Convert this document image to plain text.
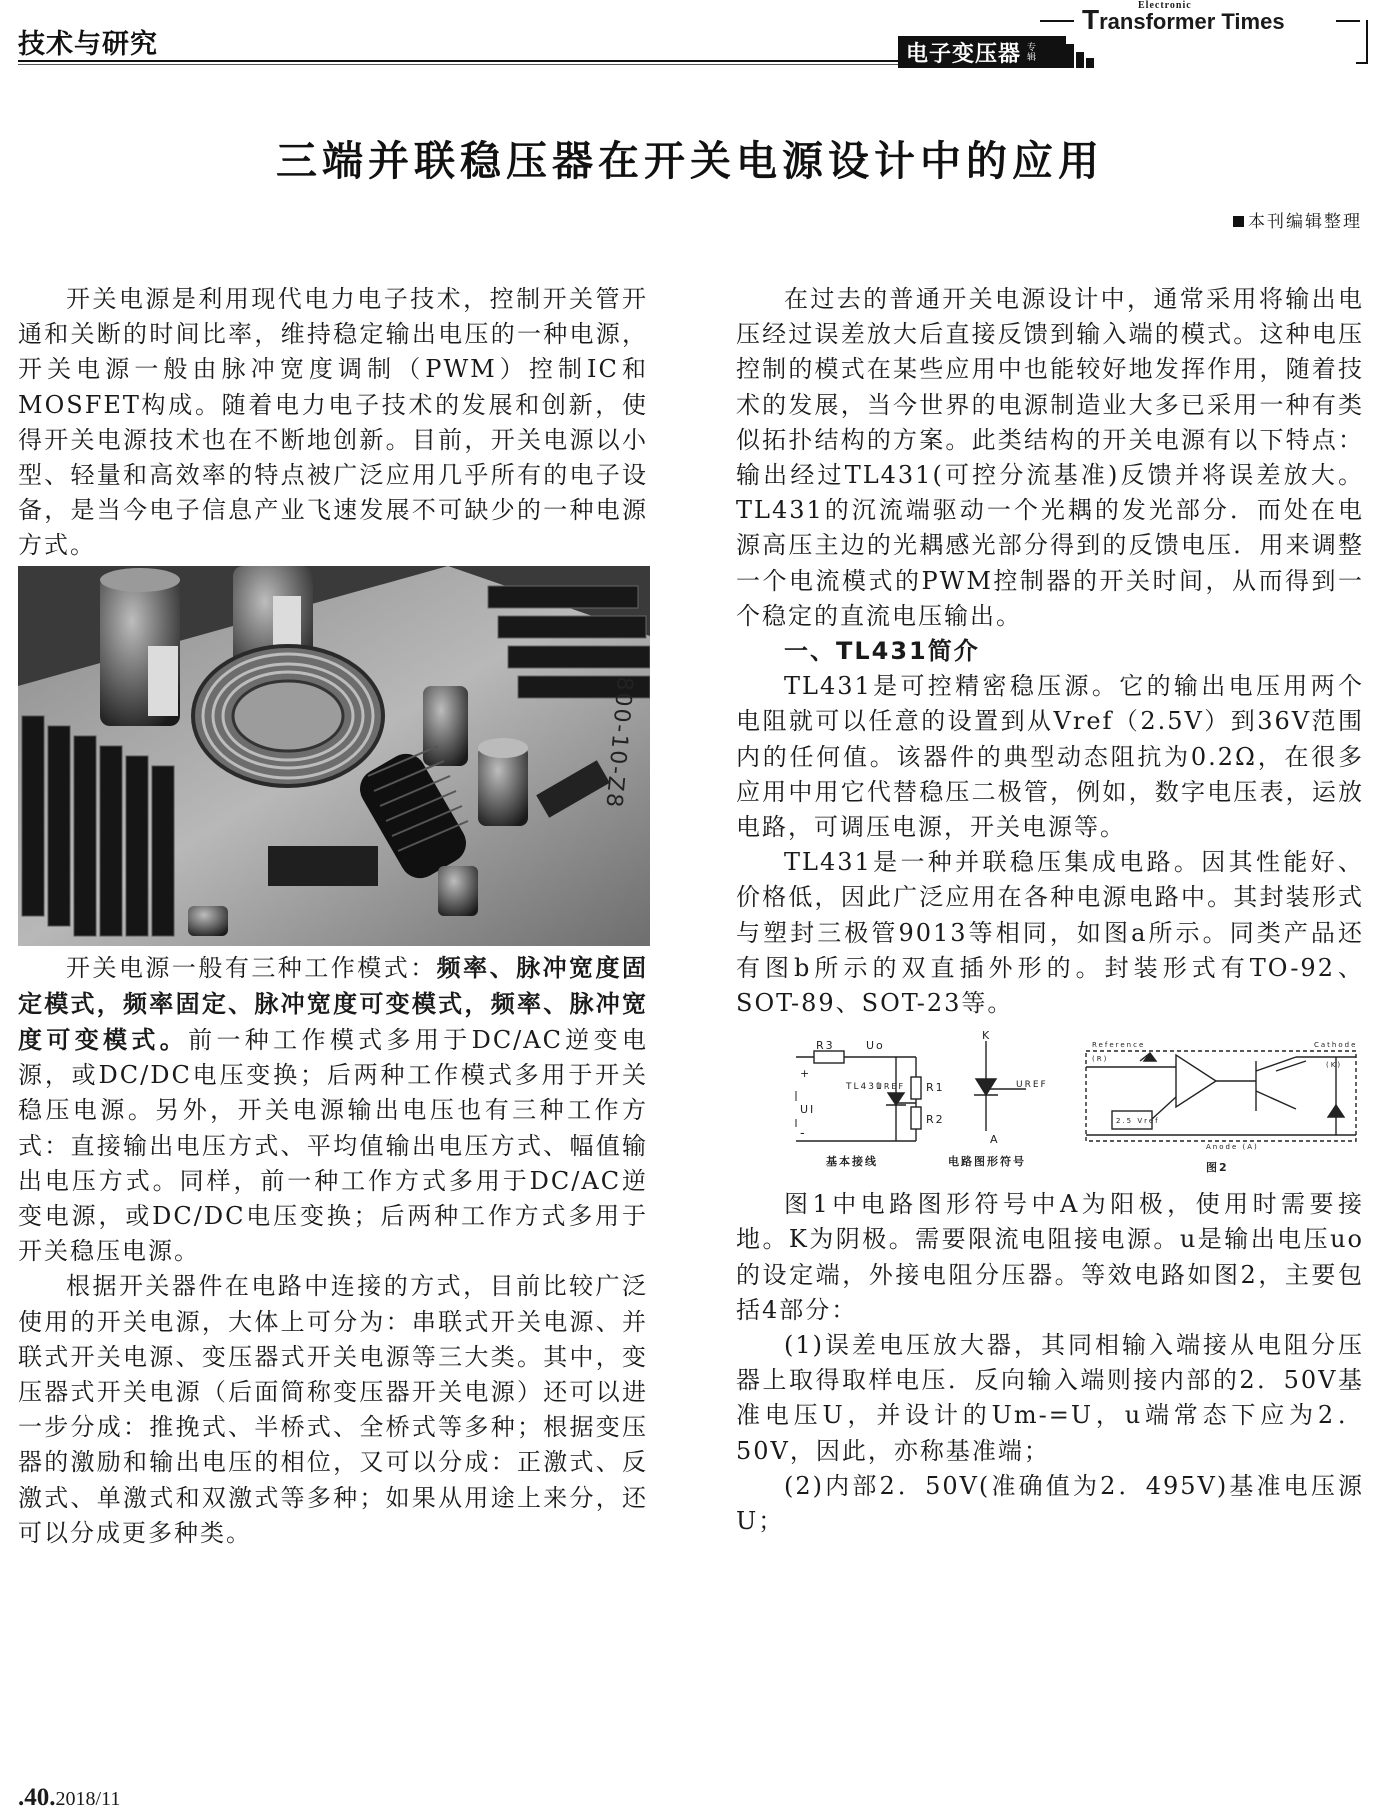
技术与研究	电子变压器 专辑
Electronic
Transformer Times
三端并联稳压器在开关电源设计中的应用
本刊编辑整理

开关电源是利用现代电力电子技术，控制开关管开通和关断的时间比率，维持稳定输出电压的一种电源，开关电源一般由脉冲宽度调制（PWM）控制IC和MOSFET构成。随着电力电子技术的发展和创新，使得开关电源技术也在不断地创新。目前，开关电源以小型、轻量和高效率的特点被广泛应用几乎所有的电子设备，是当今电子信息产业飞速发展不可缺少的一种电源方式。

800-10-Z8

开关电源一般有三种工作模式：频率、脉冲宽度固定模式，频率固定、脉冲宽度可变模式，频率、脉冲宽度可变模式。前一种工作模式多用于DC/AC逆变电源，或DC/DC电压变换；后两种工作模式多用于开关稳压电源。另外，开关电源输出电压也有三种工作方式：直接输出电压方式、平均值输出电压方式、幅值输出电压方式。同样，前一种工作方式多用于DC/AC逆变电源，或DC/DC电压变换；后两种工作方式多用于开关稳压电源。

根据开关器件在电路中连接的方式，目前比较广泛使用的开关电源，大体上可分为：串联式开关电源、并联式开关电源、变压器式开关电源等三大类。其中，变压器式开关电源（后面简称变压器开关电源）还可以进一步分成：推挽式、半桥式、全桥式等多种；根据变压器的激励和输出电压的相位，又可以分成：正激式、反激式、单激式和双激式等多种；如果从用途上来分，还可以分成更多种类。

在过去的普通开关电源设计中，通常采用将输出电压经过误差放大后直接反馈到输入端的模式。这种电压控制的模式在某些应用中也能较好地发挥作用，随着技术的发展，当今世界的电源制造业大多已采用一种有类似拓扑结构的方案。此类结构的开关电源有以下特点：输出经过TL431(可控分流基准)反馈并将误差放大。TL431的沉流端驱动一个光耦的发光部分．而处在电源高压主边的光耦感光部分得到的反馈电压．用来调整一个电流模式的PWM控制器的开关时间，从而得到一个稳定的直流电压输出。

一、TL431简介

TL431是可控精密稳压源。它的输出电压用两个电阻就可以任意的设置到从Vref（2.5V）到36V范围内的任何值。该器件的典型动态阻抗为0.2Ω，在很多应用中用它代替稳压二极管，例如，数字电压表，运放电路，可调压电源，开关电源等。

TL431是一种并联稳压集成电路。因其性能好、价格低，因此广泛应用在各种电源电路中。其封装形式与塑封三极管9013等相同，如图a所示。同类产品还有图b所示的双直插外形的。封装形式有TO-92、SOT-89、SOT-23等。

R3	Uo
+
UI
-
TL431
UREF R1
R2
基本接线
K
A
UREF
电路图形符号
Reference
(R)
Cathode
(K)
2.5 Vref
Anode (A)
图2

图1中电路图形符号中A为阳极，使用时需要接地。K为阴极。需要限流电阻接电源。u是输出电压uo的设定端，外接电阻分压器。等效电路如图2，主要包括4部分：

(1)误差电压放大器，其同相输入端接从电阻分压器上取得取样电压．反向输入端则接内部的2．50V基准电压U，并设计的Um-=U，u端常态下应为2．50V，因此，亦称基准端；

(2)内部2．50V(准确值为2．495V)基准电压源U；

.40.2018/11
